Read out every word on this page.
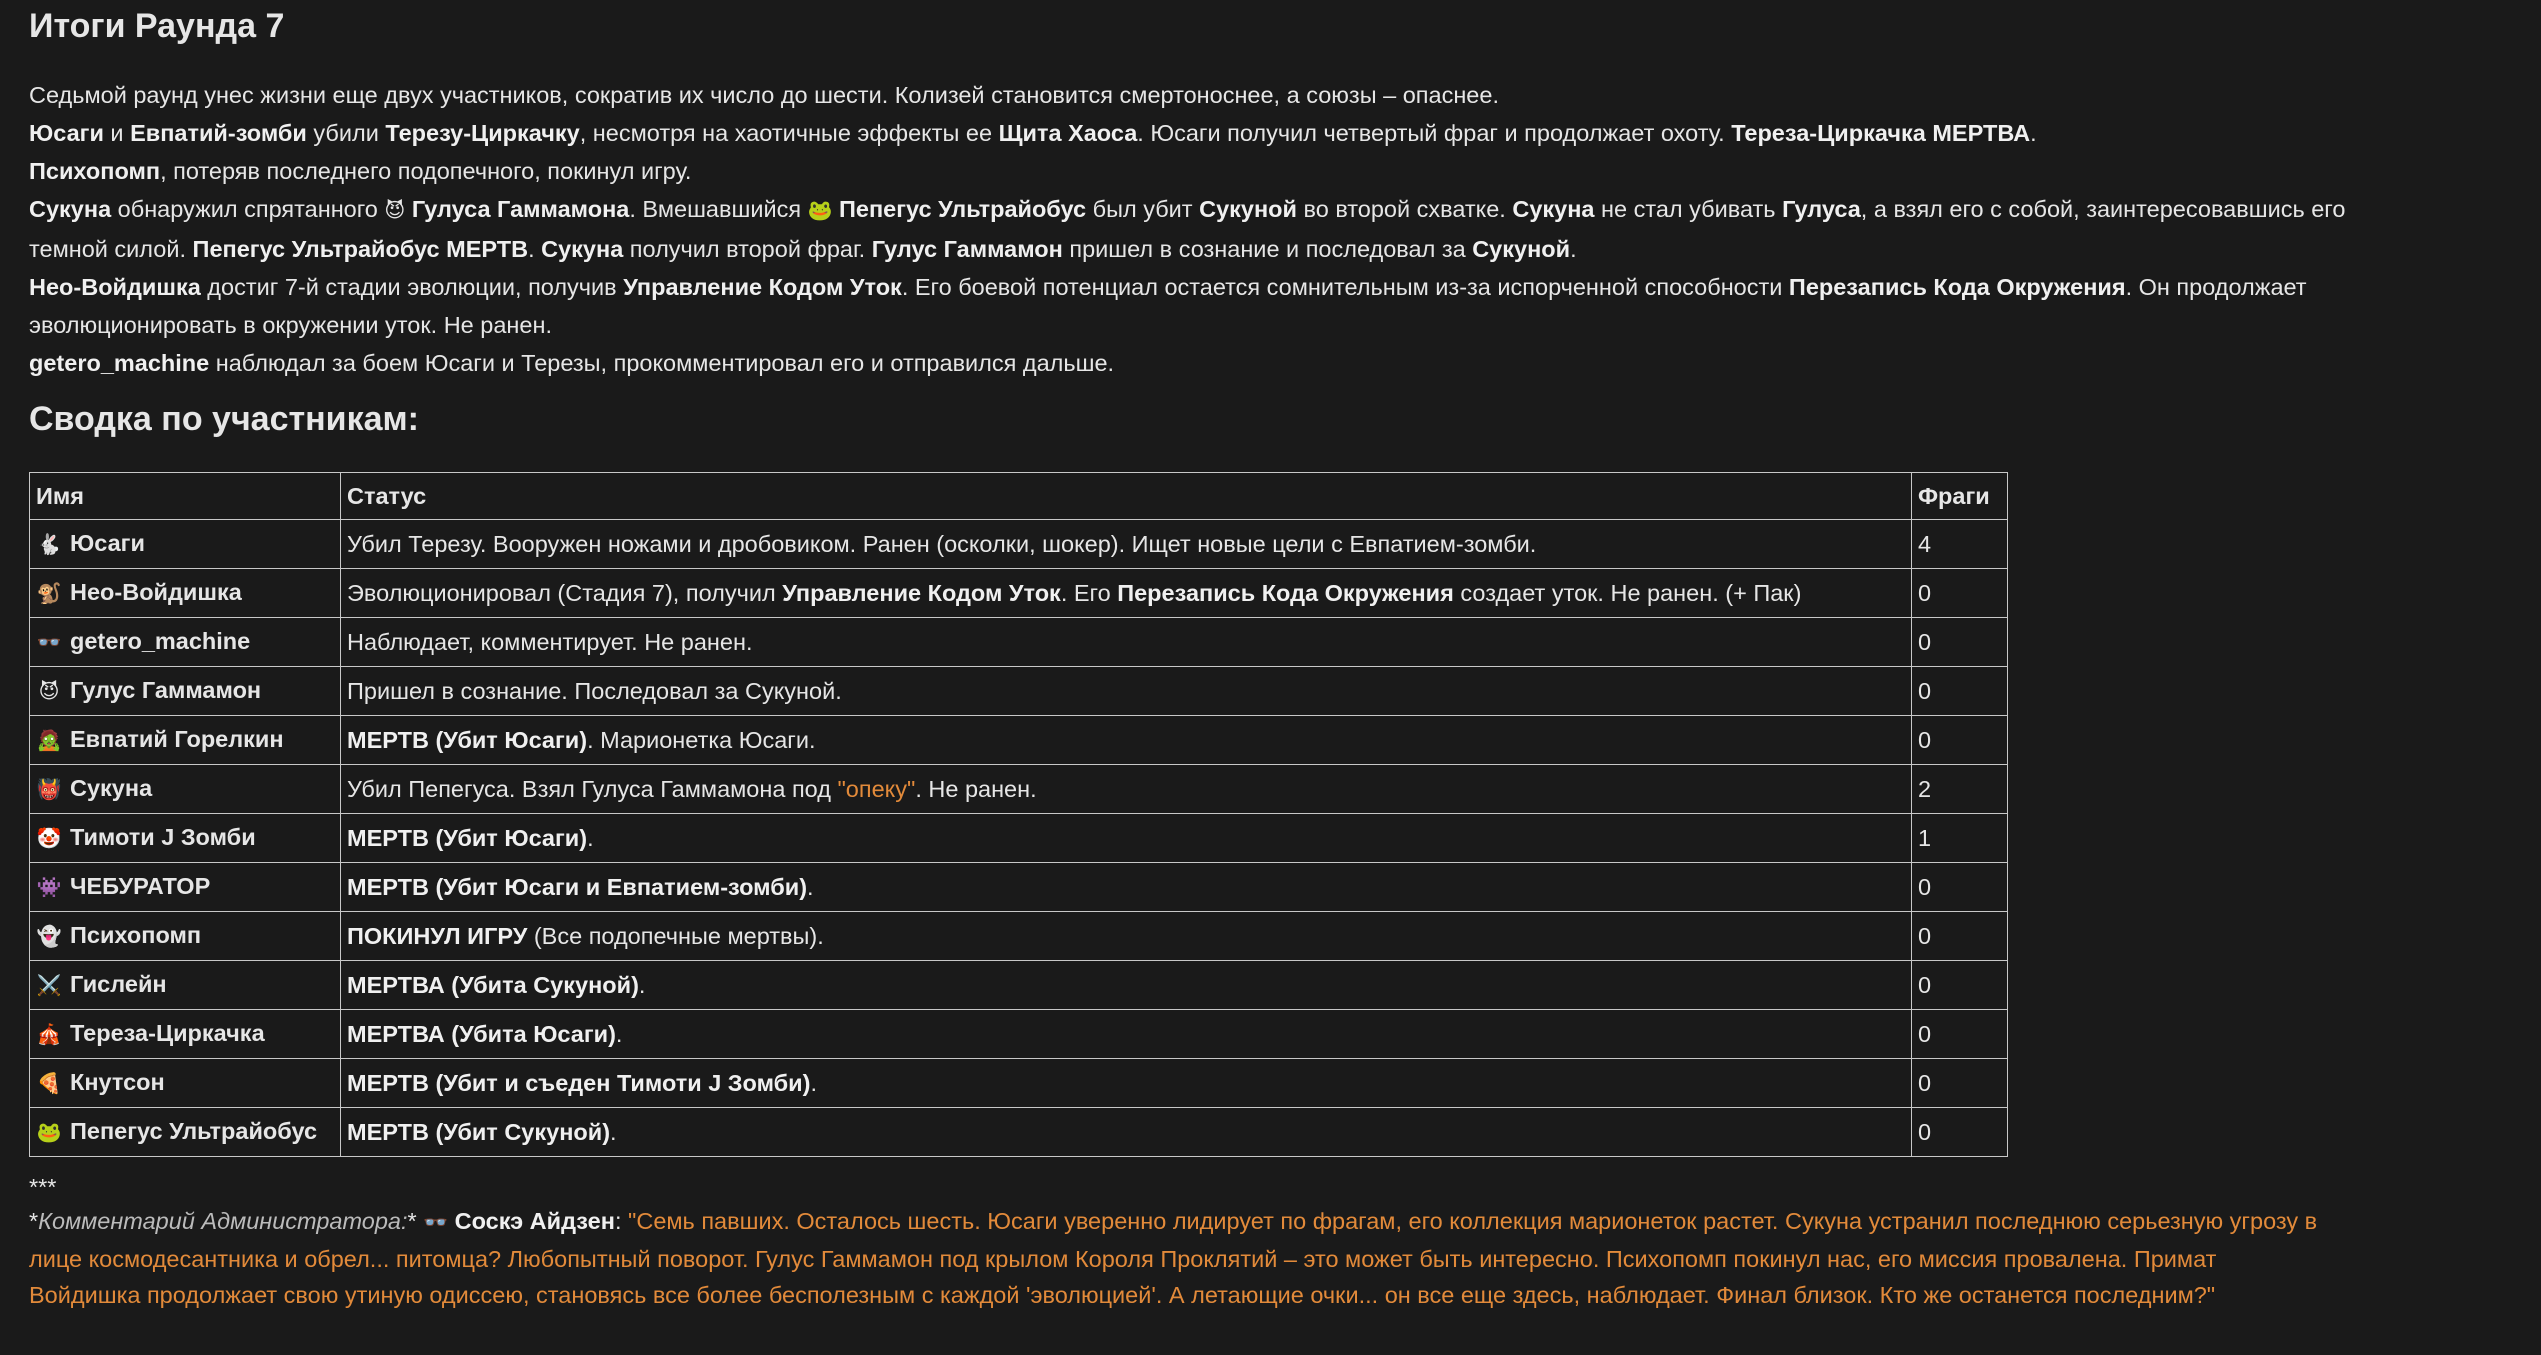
Итоги Раунда 7
Седьмой раунд унес жизни еще двух участников, сократив их число до шести. Колизей становится смертоноснее, а союзы – опаснее.
Юсаги и Евпатий-зомби убили Терезу-Циркачку, несмотря на хаотичные эффекты ее Щита Хаоса. Юсаги получил четвертый фраг и продолжает охоту. Тереза-Циркачка МЕРТВА.
Психопомп, потеряв последнего подопечного, покинул игру.
Сукуна обнаружил спрятанного 😈 Гулуса Гаммамона. Вмешавшийся 🐸 Пепегус Ультрайобус был убит Сукуной во второй схватке. Сукуна не стал убивать Гулуса, а взял его с собой, заинтересовавшись его
темной силой. Пепегус Ультрайобус МЕРТВ. Сукуна получил второй фраг. Гулус Гаммамон пришел в сознание и последовал за Сукуной.
Нео-Войдишка достиг 7-й стадии эволюции, получив Управление Кодом Уток. Его боевой потенциал остается сомнительным из-за испорченной способности Перезапись Кода Окружения. Он продолжает
эволюционировать в окружении уток. Не ранен.
getero_machine наблюдал за боем Юсаги и Терезы, прокомментировал его и отправился дальше.
Сводка по участникам:
Имя	Статус	Фраги
🐇 Юсаги	Убил Терезу. Вооружен ножами и дробовиком. Ранен (осколки, шокер). Ищет новые цели с Евпатием-зомби.	4
🐒 Нео-Войдишка	Эволюционировал (Стадия 7), получил Управление Кодом Уток. Его Перезапись Кода Окружения создает уток. Не ранен. (+ Пак)	0
👓 getero_machine	Наблюдает, комментирует. Не ранен.	0
😈 Гулус Гаммамон	Пришел в сознание. Последовал за Сукуной.	0
🧟 Евпатий Горелкин	МЕРТВ (Убит Юсаги). Марионетка Юсаги.	0
👹 Сукуна	Убил Пепегуса. Взял Гулуса Гаммамона под "опеку". Не ранен.	2
🤡 Тимоти J Зомби	МЕРТВ (Убит Юсаги).	1
👾 ЧЕБУРАТОР	МЕРТВ (Убит Юсаги и Евпатием-зомби).	0
👻 Психопомп	ПОКИНУЛ ИГРУ (Все подопечные мертвы).	0
⚔️ Гислейн	МЕРТВА (Убита Сукуной).	0
🎪 Тереза-Циркачка	МЕРТВА (Убита Юсаги).	0
🍕 Кнутсон	МЕРТВ (Убит и съеден Тимоти J Зомби).	0
🐸 Пепегус Ультрайобус	МЕРТВ (Убит Сукуной).	0
***
*Комментарий Администратора:* 👓 Соскэ Айдзен: "Семь павших. Осталось шесть. Юсаги уверенно лидирует по фрагам, его коллекция марионеток растет. Сукуна устранил последнюю серьезную угрозу в
лице космодесантника и обрел... питомца? Любопытный поворот. Гулус Гаммамон под крылом Короля Проклятий – это может быть интересно. Психопомп покинул нас, его миссия провалена. Примат
Войдишка продолжает свою утиную одиссею, становясь все более бесполезным с каждой 'эволюцией'. А летающие очки... он все еще здесь, наблюдает. Финал близок. Кто же останется последним?"
